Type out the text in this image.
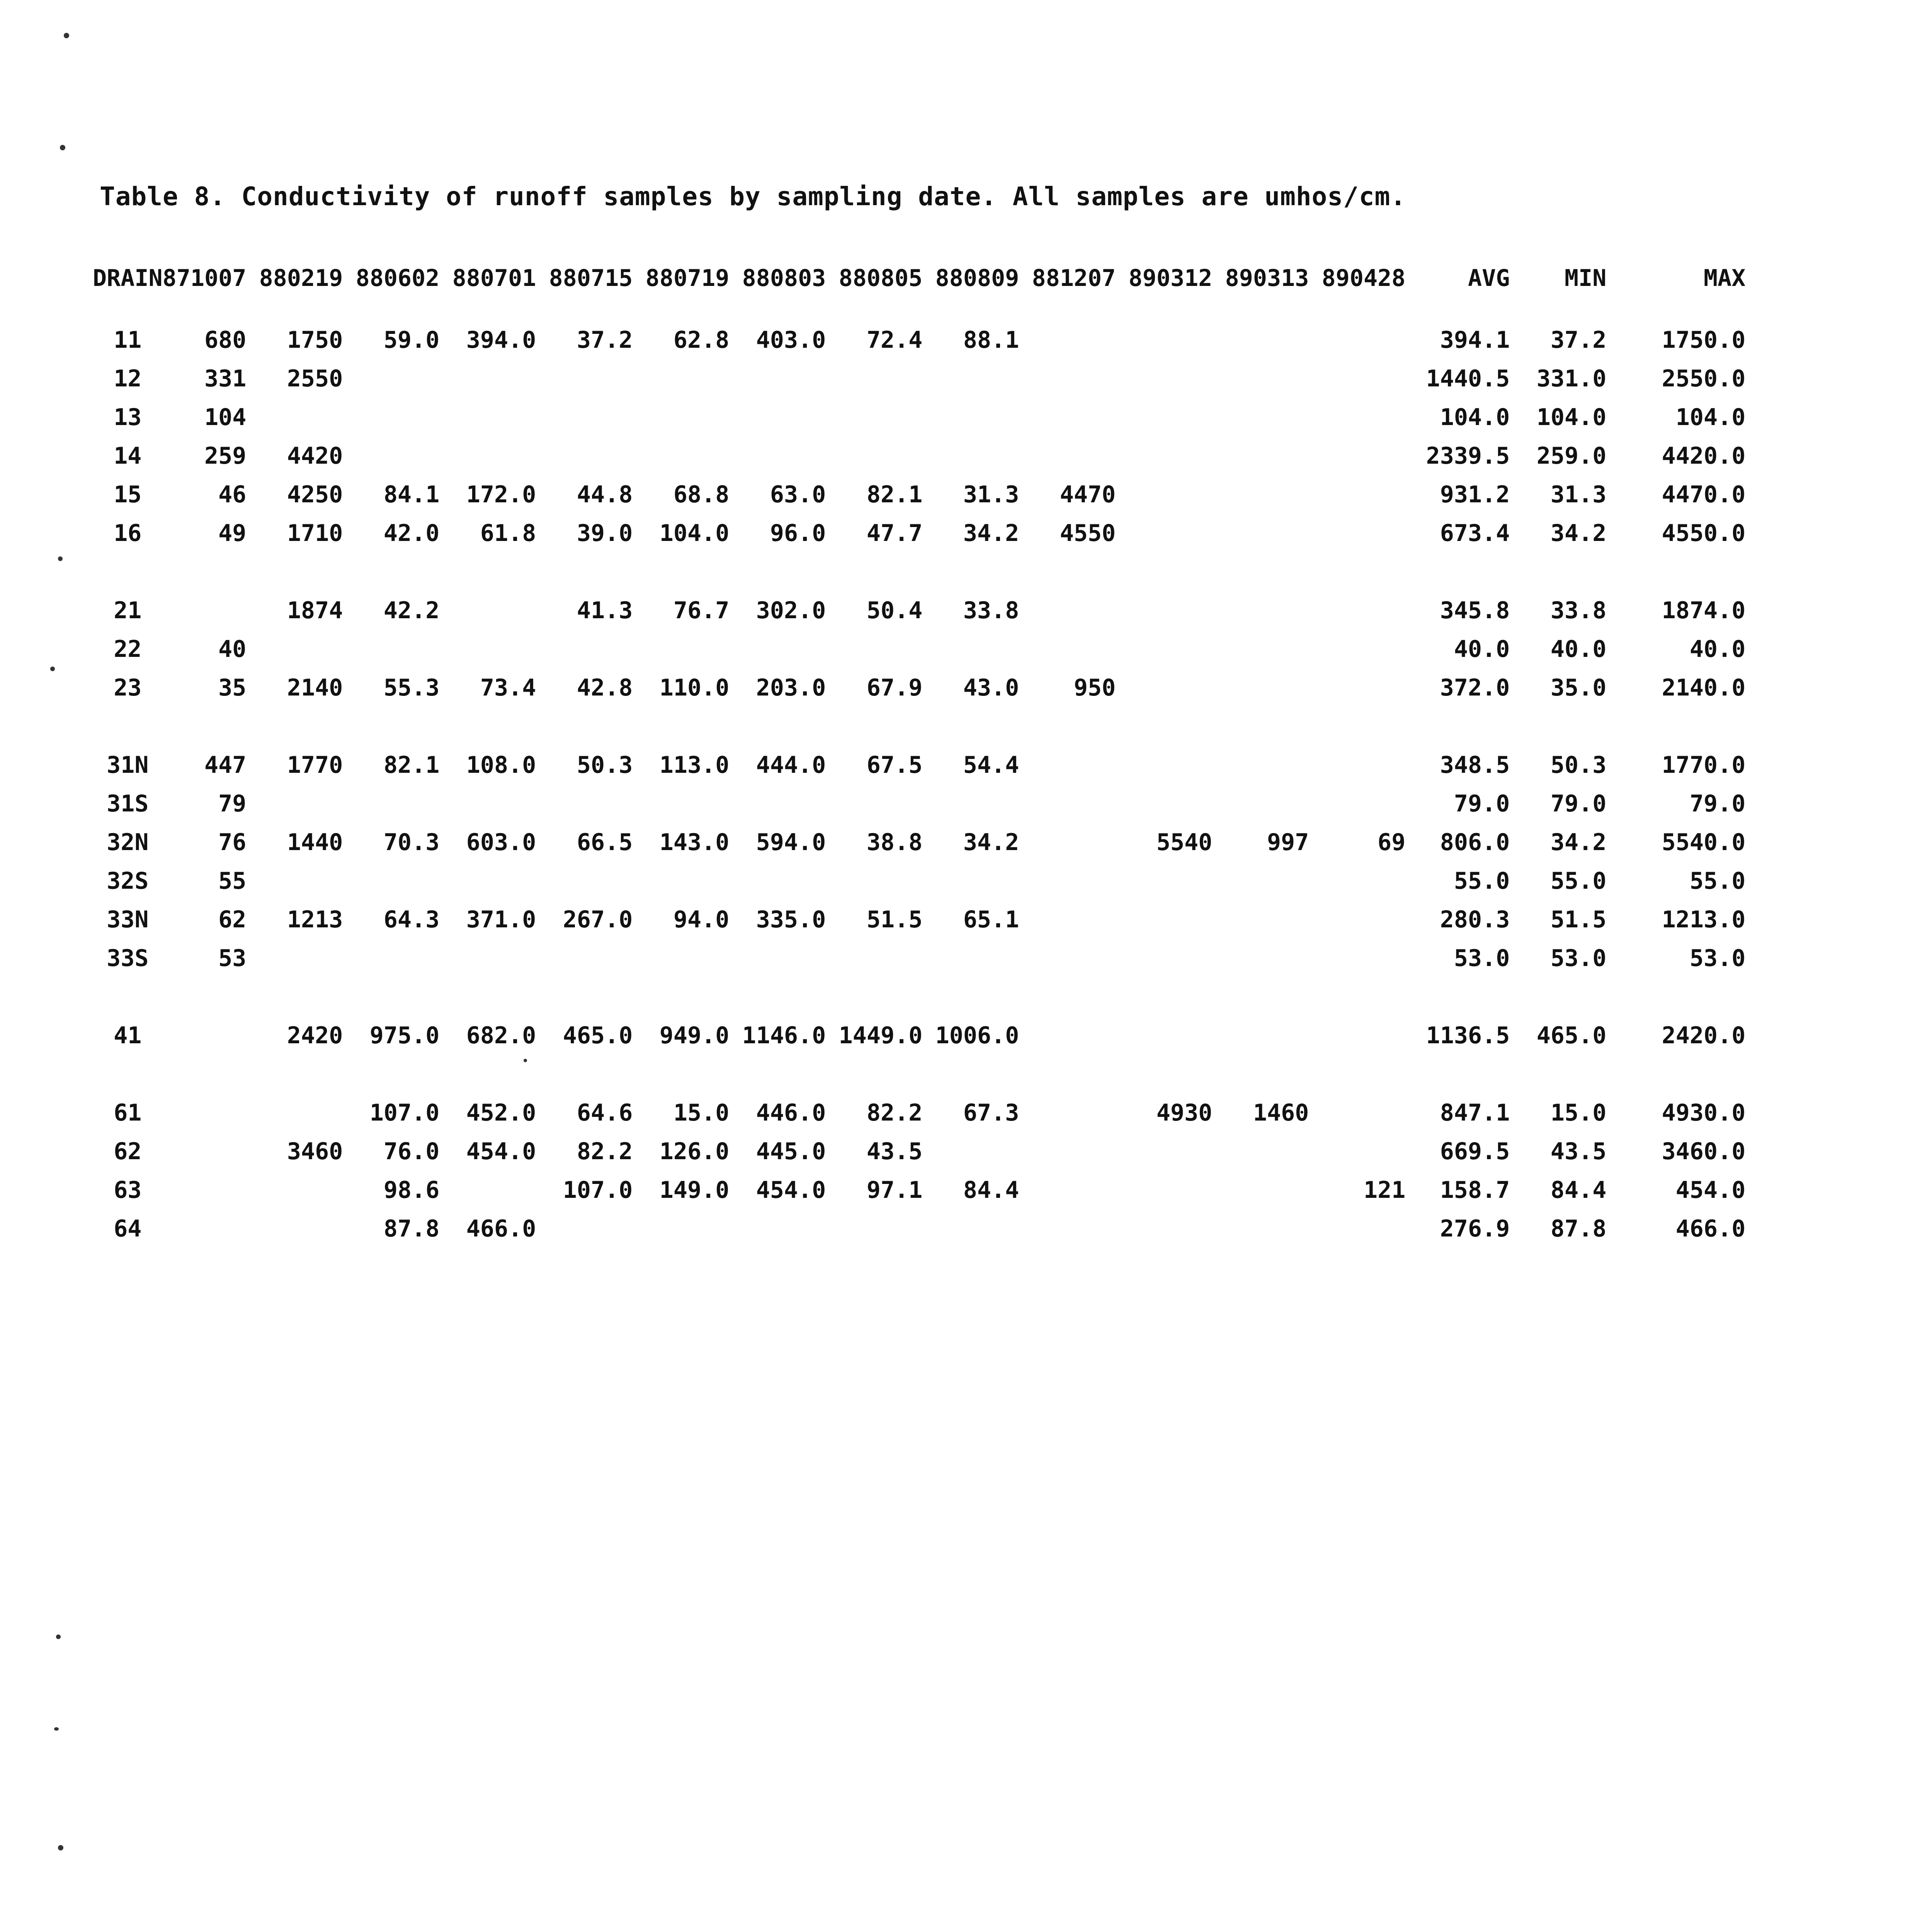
Table 8. Conductivity of runoff samples by sampling date. All samples are umhos/cm.
DRAIN	871007	880219	880602	880701	880715	880719	880803	880805	880809	881207	890312	890313	890428	AVG	MIN	MAX

11	680	1750	59.0	394.0	37.2	62.8	403.0	72.4	88.1					394.1	37.2	1750.0
12	331	2550												1440.5	331.0	2550.0
13	104													104.0	104.0	104.0
14	259	4420												2339.5	259.0	4420.0
15	46	4250	84.1	172.0	44.8	68.8	63.0	82.1	31.3	4470				931.2	31.3	4470.0
16	49	1710	42.0	61.8	39.0	104.0	96.0	47.7	34.2	4550				673.4	34.2	4550.0

21		1874	42.2		41.3	76.7	302.0	50.4	33.8					345.8	33.8	1874.0
22	40													40.0	40.0	40.0
23	35	2140	55.3	73.4	42.8	110.0	203.0	67.9	43.0	950				372.0	35.0	2140.0

31N	447	1770	82.1	108.0	50.3	113.0	444.0	67.5	54.4					348.5	50.3	1770.0
31S	79													79.0	79.0	79.0
32N	76	1440	70.3	603.0	66.5	143.0	594.0	38.8	34.2		5540	997	69	806.0	34.2	5540.0
32S	55													55.0	55.0	55.0
33N	62	1213	64.3	371.0	267.0	94.0	335.0	51.5	65.1					280.3	51.5	1213.0
33S	53													53.0	53.0	53.0

41		2420	975.0	682.0	465.0	949.0	1146.0	1449.0	1006.0					1136.5	465.0	2420.0

61			107.0	452.0	64.6	15.0	446.0	82.2	67.3		4930	1460		847.1	15.0	4930.0
62		3460	76.0	454.0	82.2	126.0	445.0	43.5						669.5	43.5	3460.0
63			98.6		107.0	149.0	454.0	97.1	84.4				121	158.7	84.4	454.0
64			87.8	466.0										276.9	87.8	466.0
